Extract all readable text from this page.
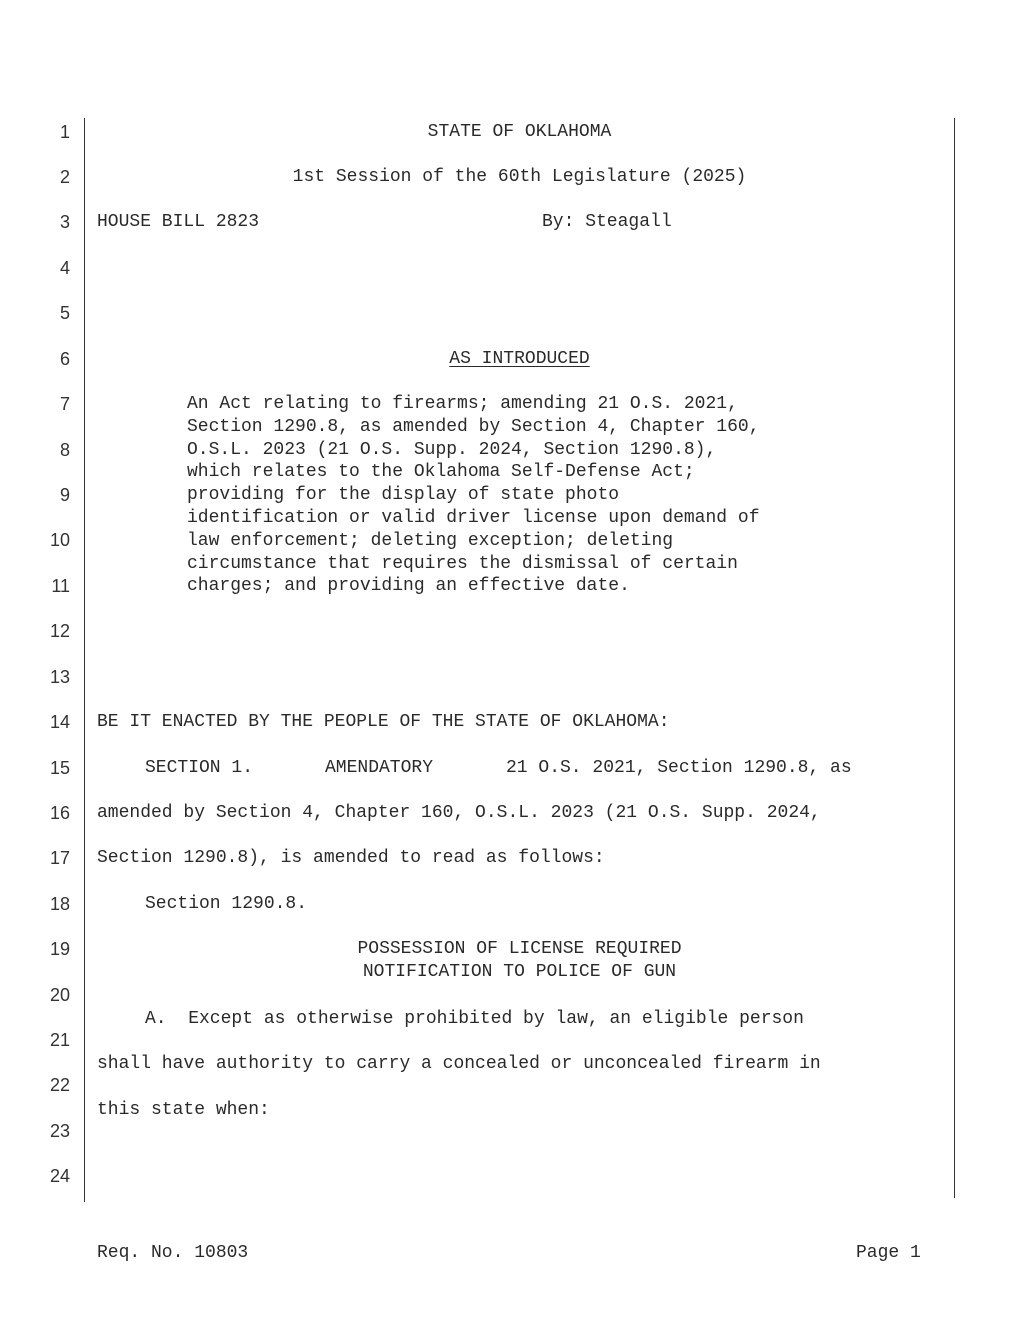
1
2
3
4
5
6
7
8
9
10
11
12
13
14
15
16
17
18
19
20
21
22
23
24
STATE OF OKLAHOMA
1st Session of the 60th Legislature (2025)
HOUSE BILL 2823	By: Steagall
AS INTRODUCED
An Act relating to firearms; amending 21 O.S. 2021,
Section 1290.8, as amended by Section 4, Chapter 160,
O.S.L. 2023 (21 O.S. Supp. 2024, Section 1290.8),
which relates to the Oklahoma Self-Defense Act;
providing for the display of state photo
identification or valid driver license upon demand of
law enforcement; deleting exception; deleting
circumstance that requires the dismissal of certain
charges; and providing an effective date.
BE IT ENACTED BY THE PEOPLE OF THE STATE OF OKLAHOMA:
SECTION 1.	AMENDATORY	21 O.S. 2021, Section 1290.8, as
amended by Section 4, Chapter 160, O.S.L. 2023 (21 O.S. Supp. 2024,
Section 1290.8), is amended to read as follows:
Section 1290.8.
POSSESSION OF LICENSE REQUIRED
NOTIFICATION TO POLICE OF GUN
A.  Except as otherwise prohibited by law, an eligible person
shall have authority to carry a concealed or unconcealed firearm in
this state when:
Req. No. 10803	Page 1
